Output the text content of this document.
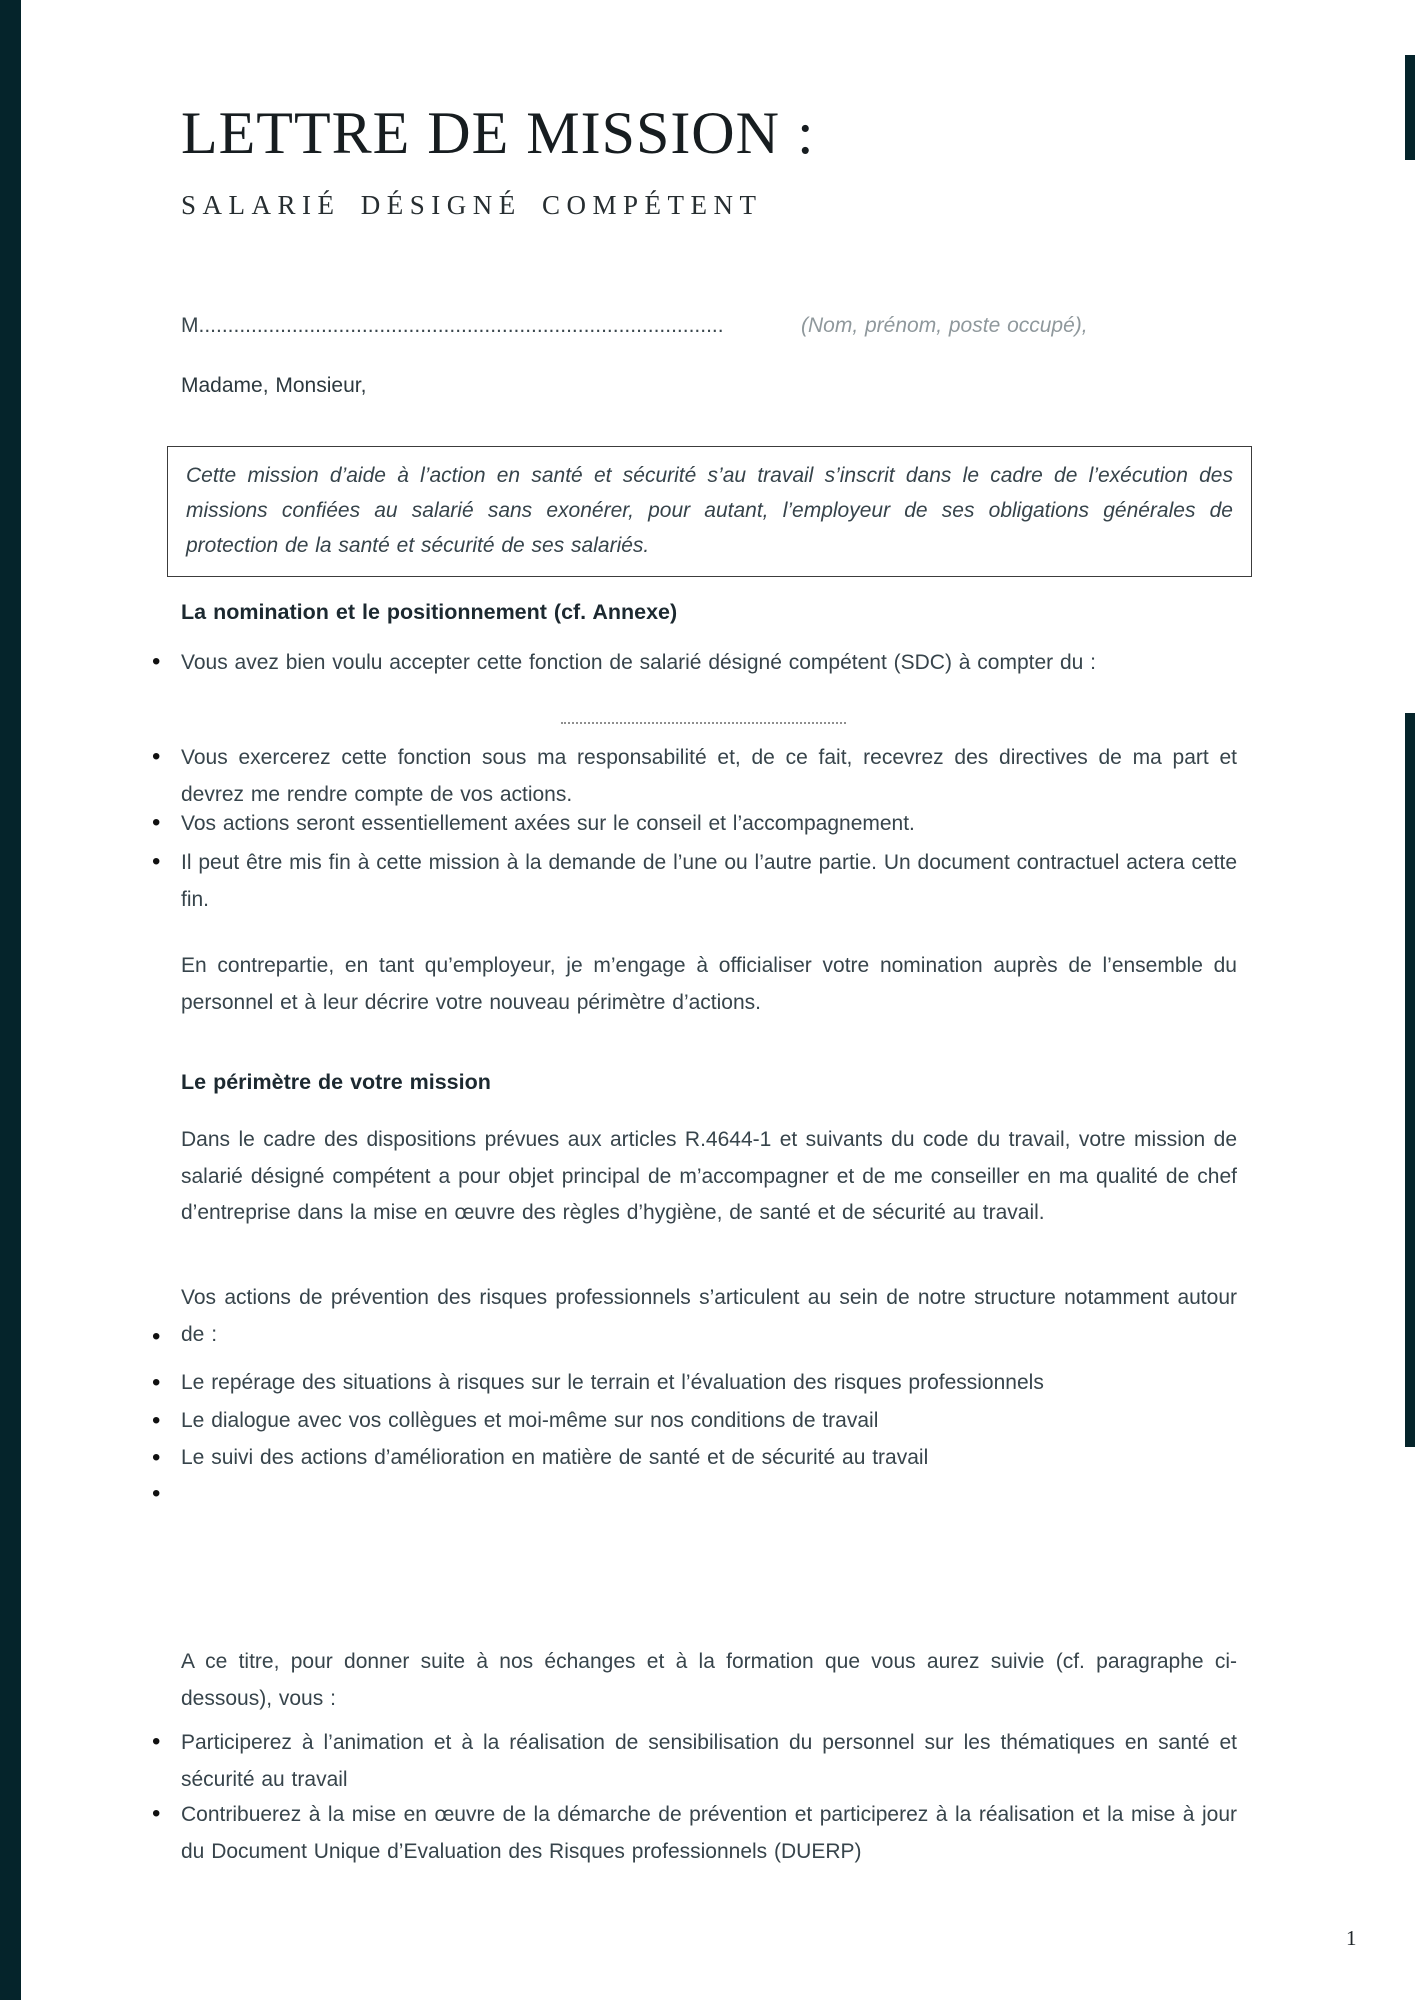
LETTRE DE MISSION :
SALARIÉ DÉSIGNÉ COMPÉTENT
M..........................................................................................	(Nom, prénom, poste occupé),
Madame, Monsieur,
Cette mission d’aide à l’action en santé et sécurité s’au travail s’inscrit dans le cadre de l’exécution des missions confiées au salarié sans exonérer, pour autant, l’employeur de ses obligations générales de protection de la santé et sécurité de ses salariés.
La nomination et le positionnement (cf. Annexe)
• Vous avez bien voulu accepter cette fonction de salarié désigné compétent (SDC) à compter du :
• Vous exercerez cette fonction sous ma responsabilité et, de ce fait, recevrez des directives de ma part et devrez me rendre compte de vos actions.
• Vos actions seront essentiellement axées sur le conseil et l’accompagnement.
• Il peut être mis fin à cette mission à la demande de l’une ou l’autre partie. Un document contractuel actera cette fin.
En contrepartie, en tant qu’employeur, je m’engage à officialiser votre nomination auprès de l’ensemble du personnel et à leur décrire votre nouveau périmètre d’actions.
Le périmètre de votre mission
Dans le cadre des dispositions prévues aux articles R.4644-1 et suivants du code du travail, votre mission de salarié désigné compétent a pour objet principal de m’accompagner et de me conseiller en ma qualité de chef d’entreprise dans la mise en œuvre des règles d’hygiène, de santé et de sécurité au travail.
•
Vos actions de prévention des risques professionnels s’articulent au sein de notre structure notamment autour de :
• Le repérage des situations à risques sur le terrain et l’évaluation des risques professionnels
• Le dialogue avec vos collègues et moi-même sur nos conditions de travail
• Le suivi des actions d’amélioration en matière de santé et de sécurité au travail
•
A ce titre, pour donner suite à nos échanges et à la formation que vous aurez suivie (cf. paragraphe ci-dessous), vous :
• Participerez à l’animation et à la réalisation de sensibilisation du personnel sur les thématiques en santé et sécurité au travail
• Contribuerez à la mise en œuvre de la démarche de prévention et participerez à la réalisation et la mise à jour du Document Unique d’Evaluation des Risques professionnels (DUERP)
1
